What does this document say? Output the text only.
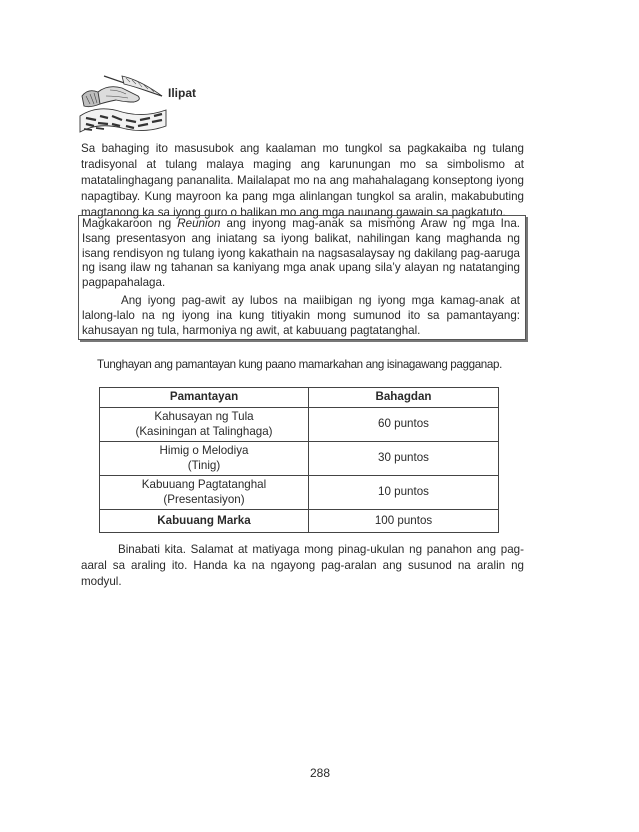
Ilipat

Sa bahaging ito masusubok ang kaalaman mo tungkol sa pagkakaiba ng tulang tradisyonal at tulang malaya maging ang karunungan mo sa simbolismo at matatalinghagang pananalita. Mailalapat mo na ang mahahalagang konseptong iyong napagtibay. Kung mayroon ka pang mga alinlangan tungkol sa aralin, makabubuting magtanong ka sa iyong guro o balikan mo ang mga naunang gawain sa pagkatuto.

Magkakaroon ng Reunion ang inyong mag-anak sa mismong Araw ng mga Ina. Isang presentasyon ang iniatang sa iyong balikat, nahilingan kang maghanda ng isang rendisyon ng tulang iyong kakathain na nagsasalaysay ng dakilang pag-aaruga ng isang ilaw ng tahanan sa kaniyang mga anak upang sila’y alayan ng natatanging pagpapahalaga.

Ang iyong pag-awit ay lubos na maiibigan ng iyong mga kamag-anak at lalong-lalo na ng iyong ina kung titiyakin mong sumunod ito sa pamantayang: kahusayan ng tula, harmoniya ng awit, at kabuuang pagtatanghal.

Tunghayan ang pamantayan kung paano mamarkahan ang isinagawang pagganap.

Pamantayan	Bahagdan
Kahusayan ng Tula
(Kasiningan at Talinghaga)	60 puntos
Himig o Melodiya
(Tinig)	30 puntos
Kabuuang Pagtatanghal
(Presentasiyon)	10 puntos
Kabuuang Marka	100 puntos

Binabati kita. Salamat at matiyaga mong pinag-ukulan ng panahon ang pag-aaral sa araling ito. Handa ka na ngayong pag-aralan ang susunod na aralin ng modyul.

288
